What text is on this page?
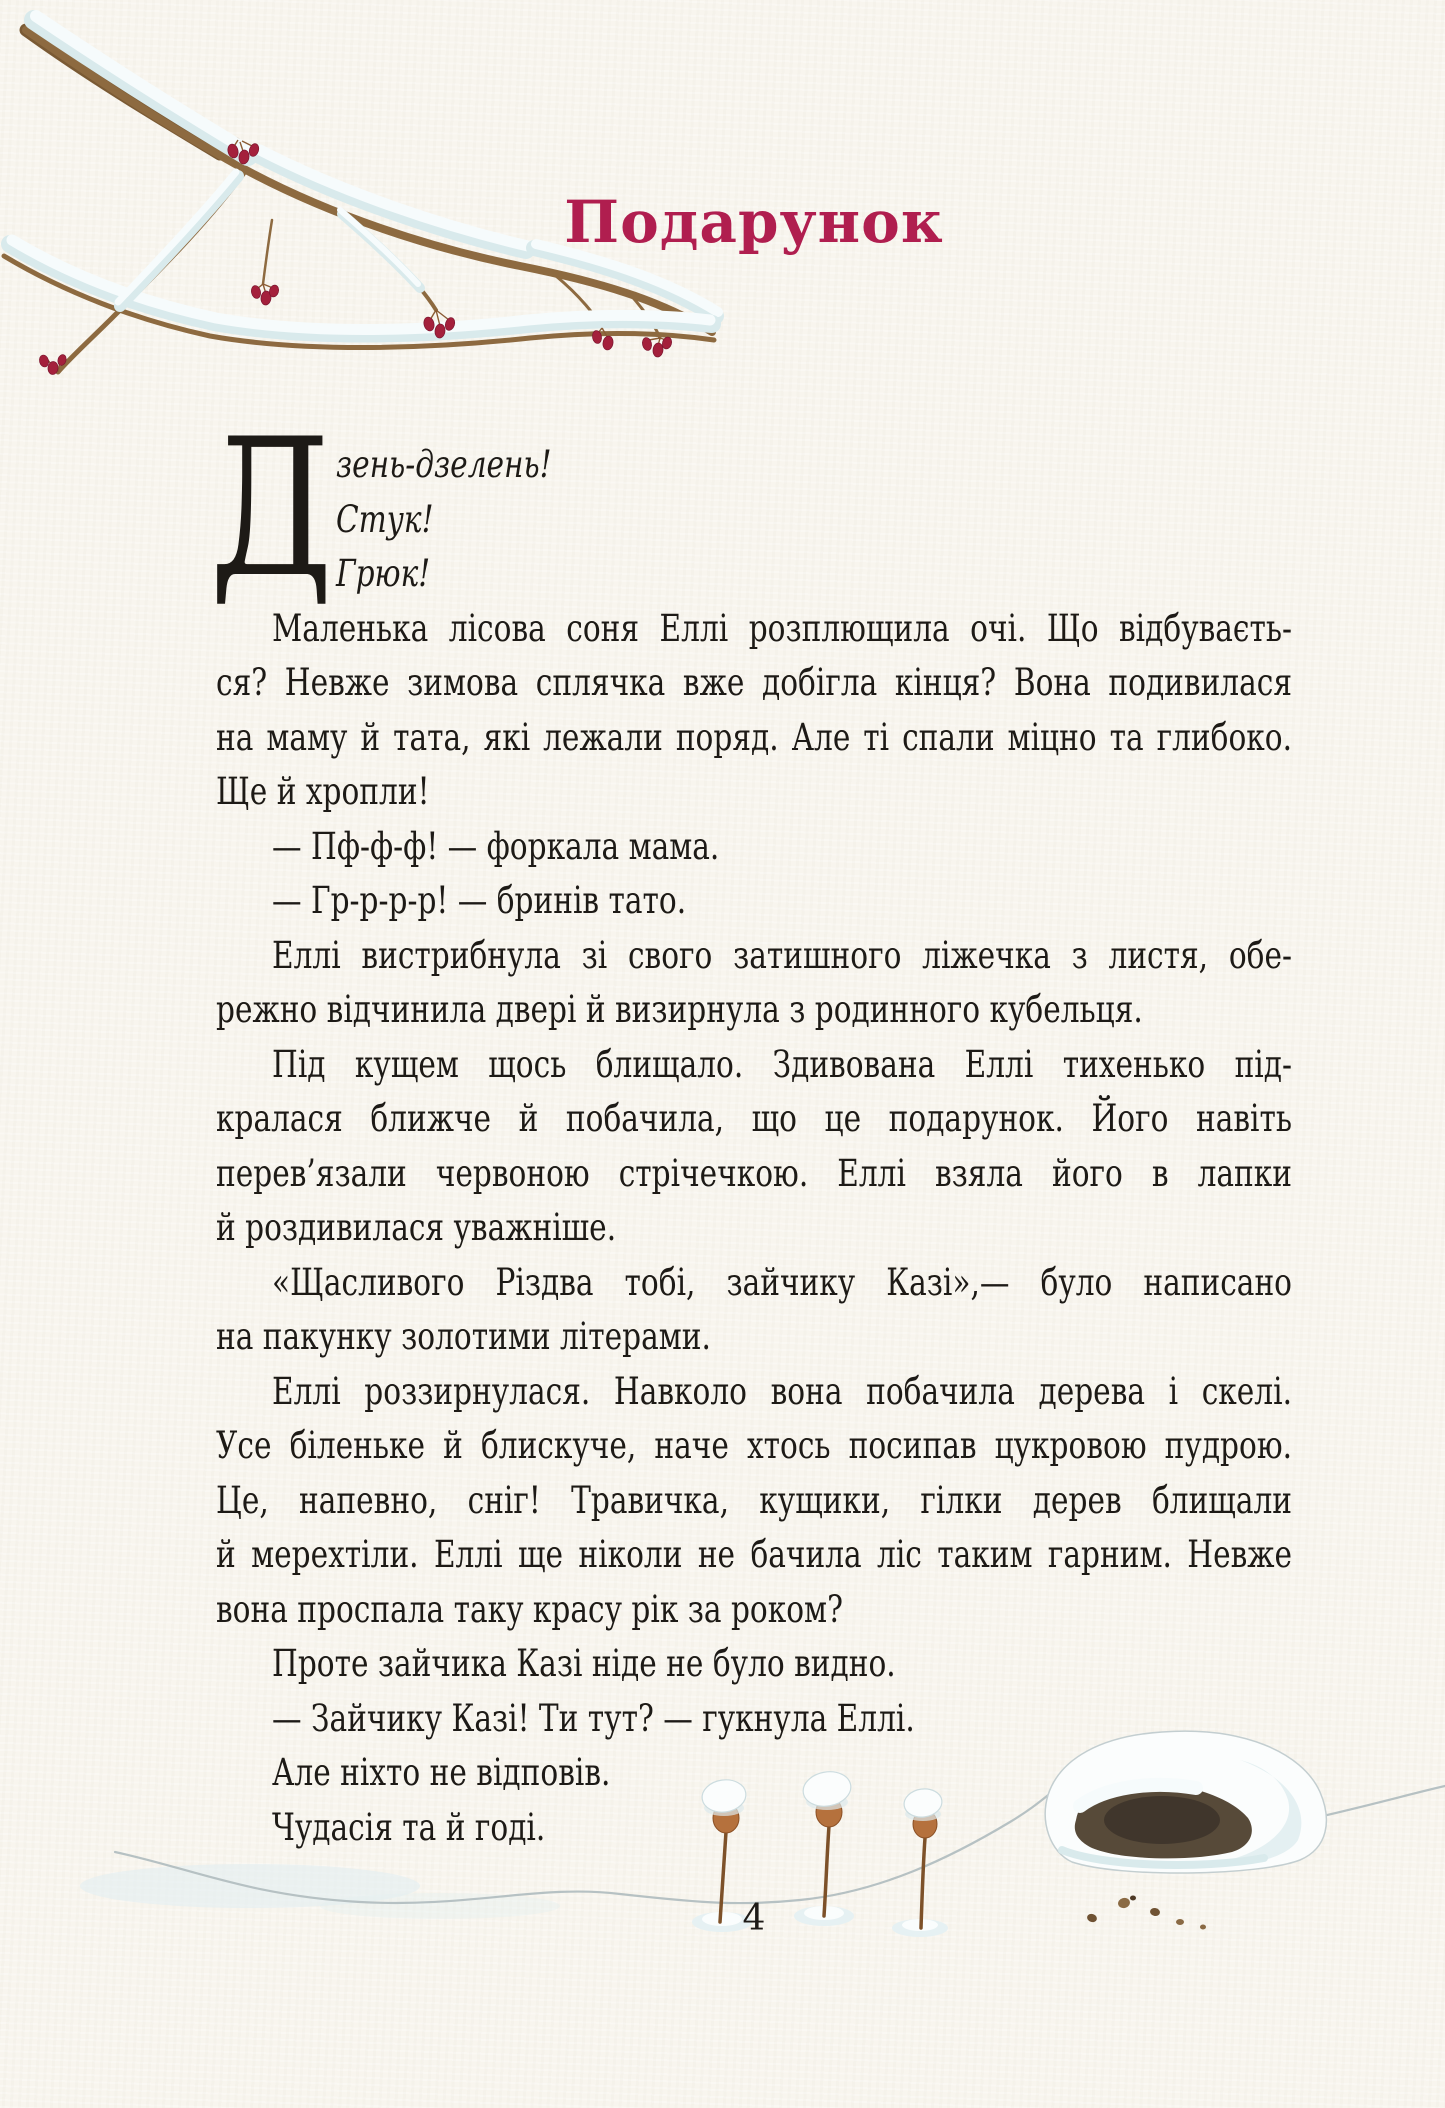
Подарунок
Д зень-дзелень!
Стук!
Грюк!
Маленька лісова соня Еллі розплющила очі. Що відбуваєть-
ся? Невже зимова сплячка вже добігла кінця? Вона подивилася
на маму й тата, які лежали поряд. Але ті спали міцно та глибоко.
Ще й хропли!
— Пф-ф-ф! — форкала мама.
— Гр-р-р-р! — бринів тато.
Еллі вистрибнула зі свого затишного ліжечка з листя, обе-
режно відчинила двері й визирнула з родинного кубельця.
Під кущем щось блищало. Здивована Еллі тихенько під-
кралася ближче й побачила, що це подарунок. Його навіть
перев’язали червоною стрічечкою. Еллі взяла його в лапки
й роздивилася уважніше.
«Щасливого Різдва тобі, зайчику Казі»,— було написано
на пакунку золотими літерами.
Еллі роззирнулася. Навколо вона побачила дерева і скелі.
Усе біленьке й блискуче, наче хтось посипав цукровою пудрою.
Це, напевно, сніг! Травичка, кущики, гілки дерев блищали
й мерехтіли. Еллі ще ніколи не бачила ліс таким гарним. Невже
вона проспала таку красу рік за роком?
Проте зайчика Казі ніде не було видно.
— Зайчику Казі! Ти тут? — гукнула Еллі.
Але ніхто не відповів.
Чудасія та й годі.
4
